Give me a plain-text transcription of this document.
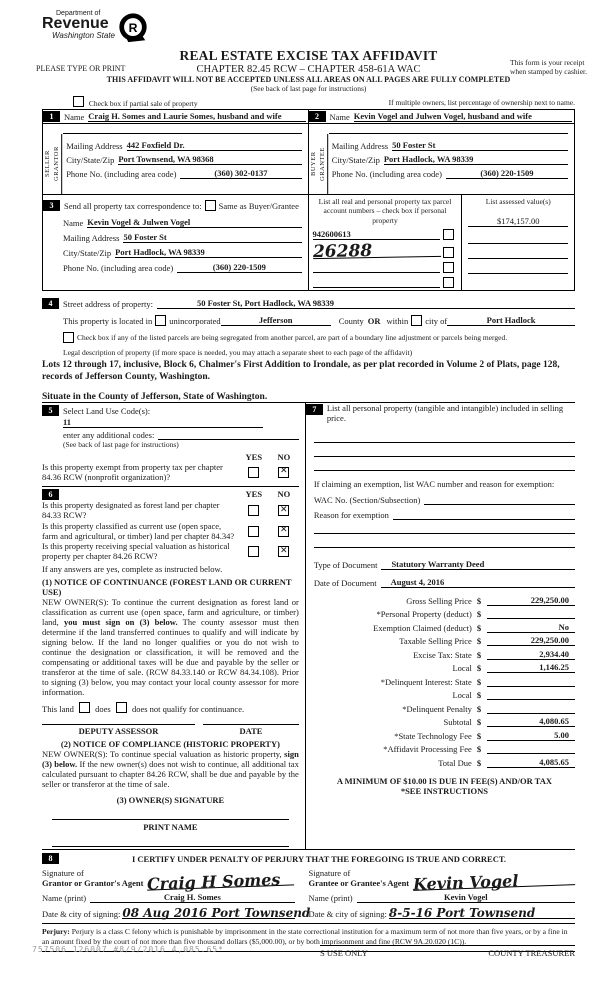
Department of
Revenue
Washington State
R
REAL ESTATE EXCISE TAX AFFIDAVIT
CHAPTER 82.45 RCW – CHAPTER 458-61A WAC
THIS AFFIDAVIT WILL NOT BE ACCEPTED UNLESS ALL AREAS ON ALL PAGES ARE FULLY COMPLETED
(See back of last page for instructions)
PLEASE TYPE OR PRINT
This form is your receipt
when stamped by cashier.
Check box if partial sale of property	If multiple owners, list percentage of ownership next to name.
1	Name Craig H. Somes and Laurie Somes, husband and wife
SELLER GRANTOR
Mailing Address 442 Foxfield Dr.
City/State/Zip Port Townsend, WA 98368
Phone No. (including area code)	(360) 302-0137
2	Name Kevin Vogel and Julwen Vogel, husband and wife
BUYER GRANTEE
Mailing Address 50 Foster St
City/State/Zip Port Hadlock, WA 98339
Phone No. (including area code)	(360) 220-1509
3	Send all property tax correspondence to: Same as Buyer/Grantee
Name Kevin Vogel & Julwen Vogel
Mailing Address 50 Foster St
City/State/Zip Port Hadlock, WA 98339
Phone No. (including area code)	(360) 220-1509
List all real and personal property tax parcel account numbers – check box if personal property
942600613
26288
List assessed value(s)
$174,157.00
4	Street address of property:	50 Foster St, Port Hadlock, WA 98339
This property is located in unincorporated	Jefferson	County OR within city of	Port Hadlock
Check box if any of the listed parcels are being segregated from another parcel, are part of a boundary line adjustment or parcels being merged.
Legal description of property (if more space is needed, you may attach a separate sheet to each page of the affidavit)
Lots 12 through 17, inclusive, Block 6, Chalmer's First Addition to Irondale, as per plat recorded in Volume 2 of Plats, page 128, records of Jefferson County, Washington.
Situate in the County of Jefferson, State of Washington.
5	Select Land Use Code(s):
11
enter any additional codes:
(See back of last page for instructions)
YES	NO
Is this property exempt from property tax per chapter 84.36 RCW (nonprofit organization)?
✕
6	YES	NO
Is this property designated as forest land per chapter 84.33 RCW?
✕
Is this property classified as current use (open space, farm and agricultural, or timber) land per chapter 84.34?
✕
Is this property receiving special valuation as historical property per chapter 84.26 RCW?
✕
If any answers are yes, complete as instructed below.
(1) NOTICE OF CONTINUANCE (FOREST LAND OR CURRENT USE)
NEW OWNER(S): To continue the current designation as forest land or classification as current use (open space, farm and agriculture, or timber) land, you must sign on (3) below. The county assessor must then determine if the land transferred continues to qualify and will indicate by signing below. If the land no longer qualifies or you do not wish to continue the designation or classification, it will be removed and the compensating or additional taxes will be due and payable by the seller or transferor at the time of sale. (RCW 84.33.140 or RCW 84.34.108). Prior to signing (3) below, you may contact your local county assessor for more information.
This land	does	does not qualify for continuance.
DEPUTY ASSESSOR	DATE
(2) NOTICE OF COMPLIANCE (HISTORIC PROPERTY)
NEW OWNER(S): To continue special valuation as historic property, sign (3) below. If the new owner(s) does not wish to continue, all additional tax calculated pursuant to chapter 84.26 RCW, shall be due and payable by the seller or transferor at the time of sale.
(3) OWNER(S) SIGNATURE
PRINT NAME
7	List all personal property (tangible and intangible) included in selling price.
If claiming an exemption, list WAC number and reason for exemption:
WAC No. (Section/Subsection)
Reason for exemption
Type of Document	Statutory Warranty Deed
Date of Document	August 4, 2016
Gross Selling Price $	229,250.00
*Personal Property (deduct) $
Exemption Claimed (deduct) $	No
Taxable Selling Price $	229,250.00
Excise Tax: State $	2,934.40
Local $	1,146.25
*Delinquent Interest: State $
Local $
*Delinquent Penalty $
Subtotal $	4,080.65
*State Technology Fee $	5.00
*Affidavit Processing Fee $
Total Due $	4,085.65
A MINIMUM OF $10.00 IS DUE IN FEE(S) AND/OR TAX
*SEE INSTRUCTIONS
8	I CERTIFY UNDER PENALTY OF PERJURY THAT THE FOREGOING IS TRUE AND CORRECT.
Signature of
Grantor or Grantor's Agent Craig H Somes
Name (print)	Craig H. Somes
Date & city of signing: 08 Aug 2016 Port Townsend
Signature of
Grantee or Grantee's Agent Kevin Vogel
Name (print)	Kevin Vogel
Date & city of signing: 8-5-16 Port Townsend
Perjury: Perjury is a class C felony which is punishable by imprisonment in the state correctional institution for a maximum term of not more than five years, or by a fine in an amount fixed by the court of not more than five thousand dollars ($5,000.00), or by both imprisonment and fine (RCW 9A.20.020 (1C)).
757506 126007 #8/9/2016 4,085.65*	S USE ONLY	COUNTY TREASURER
